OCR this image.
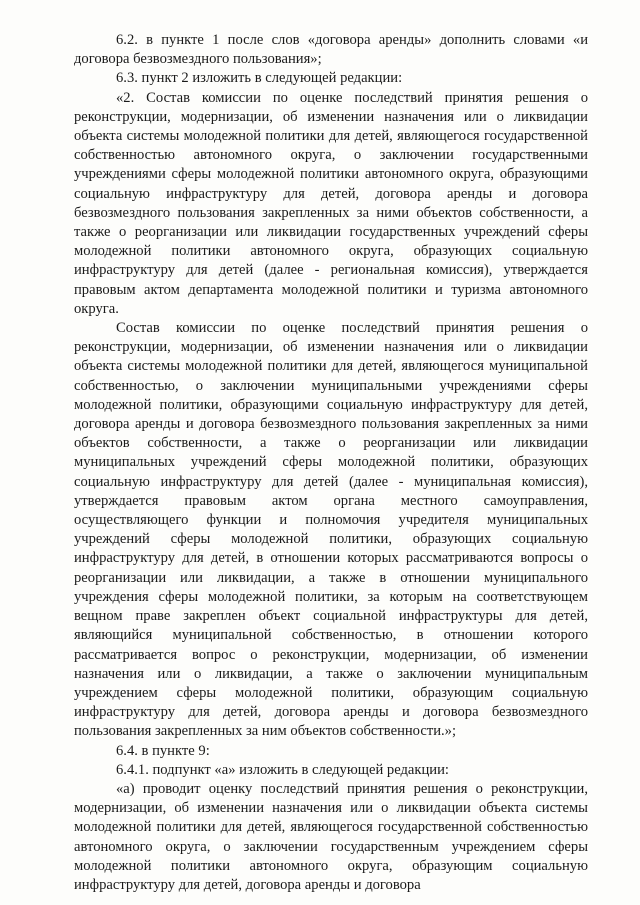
6.2. в пункте 1 после слов «договора аренды» дополнить словами «и договора безвозмездного пользования»;

6.3. пункт 2 изложить в следующей редакции:

«2. Состав комиссии по оценке последствий принятия решения о реконструкции, модернизации, об изменении назначения или о ликвидации объекта системы молодежной политики для детей, являющегося государственной собственностью автономного округа, о заключении государственными учреждениями сферы молодежной политики автономного округа, образующими социальную инфраструктуру для детей, договора аренды и договора безвозмездного пользования закрепленных за ними объектов собственности, а также о реорганизации или ликвидации государственных учреждений сферы молодежной политики автономного округа, образующих социальную инфраструктуру для детей (далее - региональная комиссия), утверждается правовым актом департамента молодежной политики и туризма автономного округа.

Состав комиссии по оценке последствий принятия решения о реконструкции, модернизации, об изменении назначения или о ликвидации объекта системы молодежной политики для детей, являющегося муниципальной собственностью, о заключении муниципальными учреждениями сферы молодежной политики, образующими социальную инфраструктуру для детей, договора аренды и договора безвозмездного пользования закрепленных за ними объектов собственности, а также о реорганизации или ликвидации муниципальных учреждений сферы молодежной политики, образующих социальную инфраструктуру для детей (далее - муниципальная комиссия), утверждается правовым актом органа местного самоуправления, осуществляющего функции и полномочия учредителя муниципальных учреждений сферы молодежной политики, образующих социальную инфраструктуру для детей, в отношении которых рассматриваются вопросы о реорганизации или ликвидации, а также в отношении муниципального учреждения сферы молодежной политики, за которым на соответствующем вещном праве закреплен объект социальной инфраструктуры для детей, являющийся муниципальной собственностью, в отношении которого рассматривается вопрос о реконструкции, модернизации, об изменении назначения или о ликвидации, а также о заключении муниципальным учреждением сферы молодежной политики, образующим социальную инфраструктуру для детей, договора аренды и договора безвозмездного пользования закрепленных за ним объектов собственности.»;

6.4. в пункте 9:

6.4.1. подпункт «а» изложить в следующей редакции:

«а) проводит оценку последствий принятия решения о реконструкции, модернизации, об изменении назначения или о ликвидации объекта системы молодежной политики для детей, являющегося государственной собственностью автономного округа, о заключении государственным учреждением сферы молодежной политики автономного округа, образующим социальную инфраструктуру для детей, договора аренды и договора
